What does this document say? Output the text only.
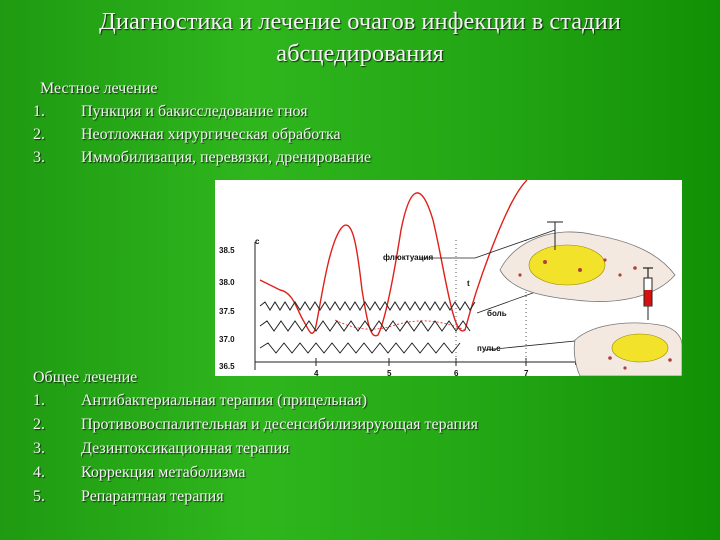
Диагностика и лечение очагов инфекции в стадии абсцедирования
Местное лечение
1. Пункция и бакисследование гноя
2. Неотложная хирургическая обработка
3. Иммобилизация, перевязки, дренирование
38.5
38.0
37.5
37.0
36.5
с
4	5	6	7
флюктуация
боль
пульс
t
Общее лечение
1. Антибактериальная терапия (прицельная)
2. Противовоспалительная и десенсибилизирующая терапия
3. Дезинтоксикационная терапия
4. Коррекция метаболизма
5. Репарантная терапия
